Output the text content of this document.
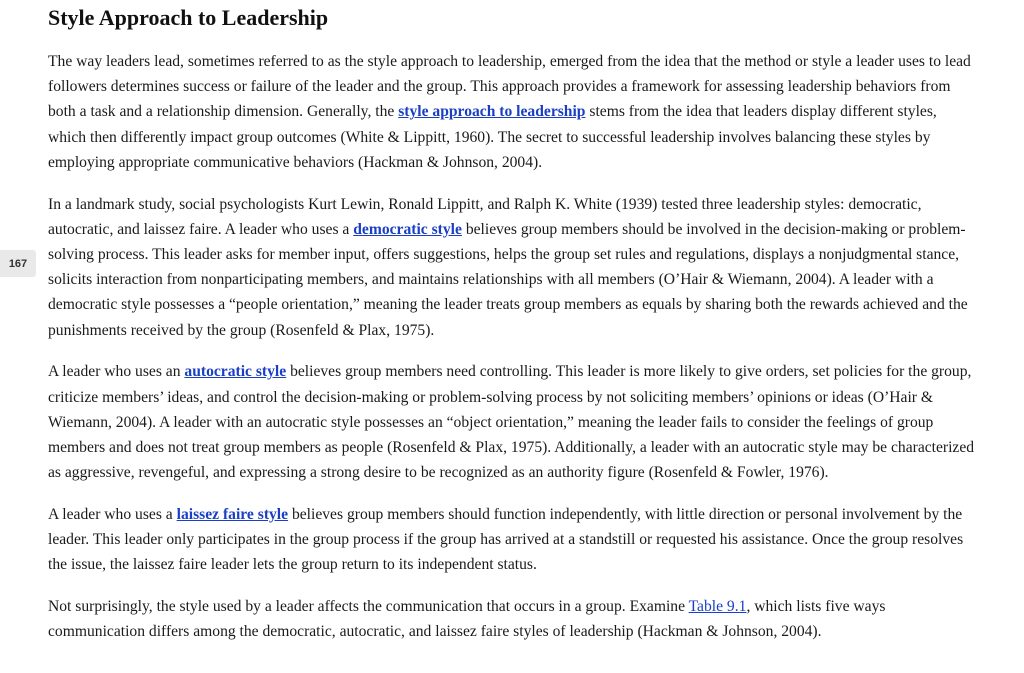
167
Style Approach to Leadership

The way leaders lead, sometimes referred to as the style approach to leadership, emerged from the idea that the method or style a leader uses to lead followers determines success or failure of the leader and the group. This approach provides a framework for assessing leadership behaviors from both a task and a relationship dimension. Generally, the style approach to leadership stems from the idea that leaders display different styles, which then differently impact group outcomes (White & Lippitt, 1960). The secret to successful leadership involves balancing these styles by employing appropriate communicative behaviors (Hackman & Johnson, 2004).

In a landmark study, social psychologists Kurt Lewin, Ronald Lippitt, and Ralph K. White (1939) tested three leadership styles: democratic, autocratic, and laissez faire. A leader who uses a democratic style believes group members should be involved in the decision-making or problem-solving process. This leader asks for member input, offers suggestions, helps the group set rules and regulations, displays a nonjudgmental stance, solicits interaction from nonparticipating members, and maintains relationships with all members (O’Hair & Wiemann, 2004). A leader with a democratic style possesses a “people orientation,” meaning the leader treats group members as equals by sharing both the rewards achieved and the punishments received by the group (Rosenfeld & Plax, 1975).

A leader who uses an autocratic style believes group members need controlling. This leader is more likely to give orders, set policies for the group, criticize members’ ideas, and control the decision-making or problem-solving process by not soliciting members’ opinions or ideas (O’Hair & Wiemann, 2004). A leader with an autocratic style possesses an “object orientation,” meaning the leader fails to consider the feelings of group members and does not treat group members as people (Rosenfeld & Plax, 1975). Additionally, a leader with an autocratic style may be characterized as aggressive, revengeful, and expressing a strong desire to be recognized as an authority figure (Rosenfeld & Fowler, 1976).

A leader who uses a laissez faire style believes group members should function independently, with little direction or personal involvement by the leader. This leader only participates in the group process if the group has arrived at a standstill or requested his assistance. Once the group resolves the issue, the laissez faire leader lets the group return to its independent status.

Not surprisingly, the style used by a leader affects the communication that occurs in a group. Examine Table 9.1, which lists five ways communication differs among the democratic, autocratic, and laissez faire styles of leadership (Hackman & Johnson, 2004).
